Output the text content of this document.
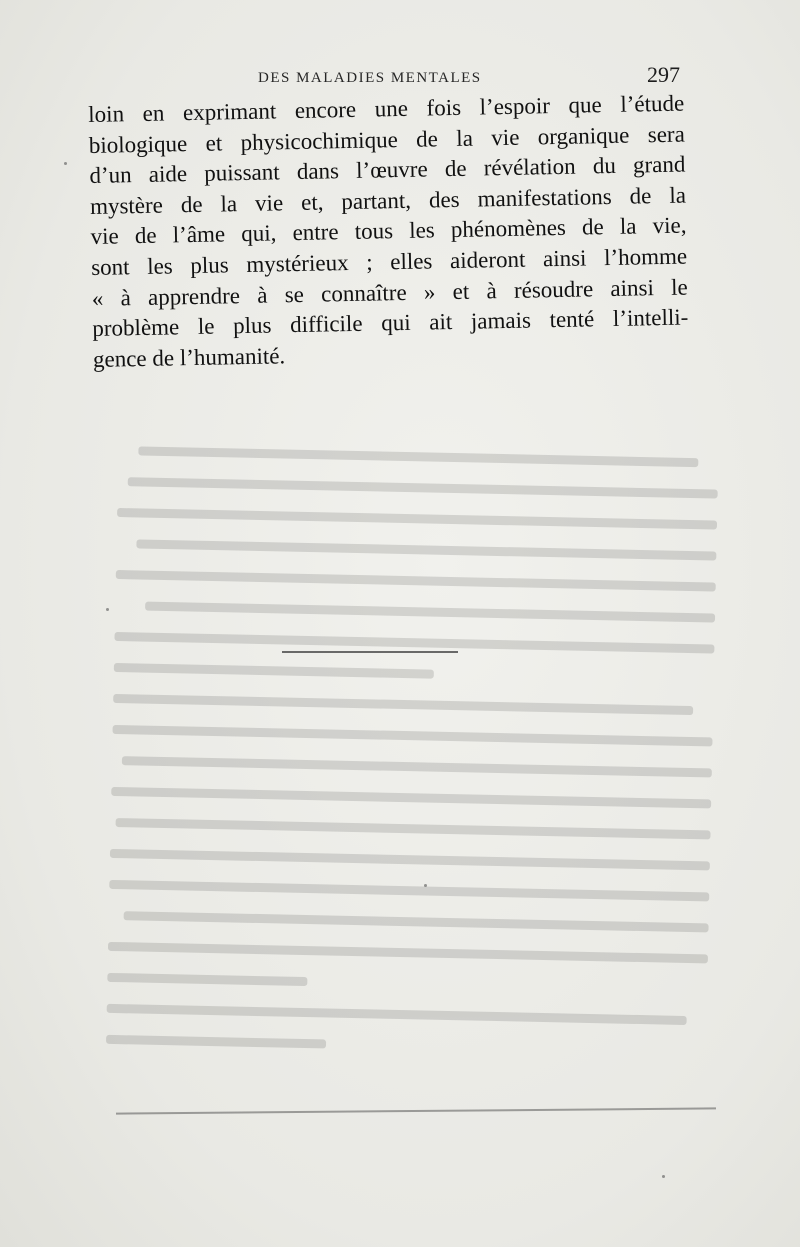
DES MALADIES MENTALES	297
loin en exprimant encore une fois l’espoir que l’étude
biologique et physicochimique de la vie organique sera
d’un aide puissant dans l’œuvre de révélation du grand
mystère de la vie et, partant, des manifestations de la
vie de l’âme qui, entre tous les phénomènes de la vie,
sont les plus mystérieux ; elles aideront ainsi l’homme
« à apprendre à se connaître » et à résoudre ainsi le
problème le plus difficile qui ait jamais tenté l’intelli-
gence de l’humanité.
